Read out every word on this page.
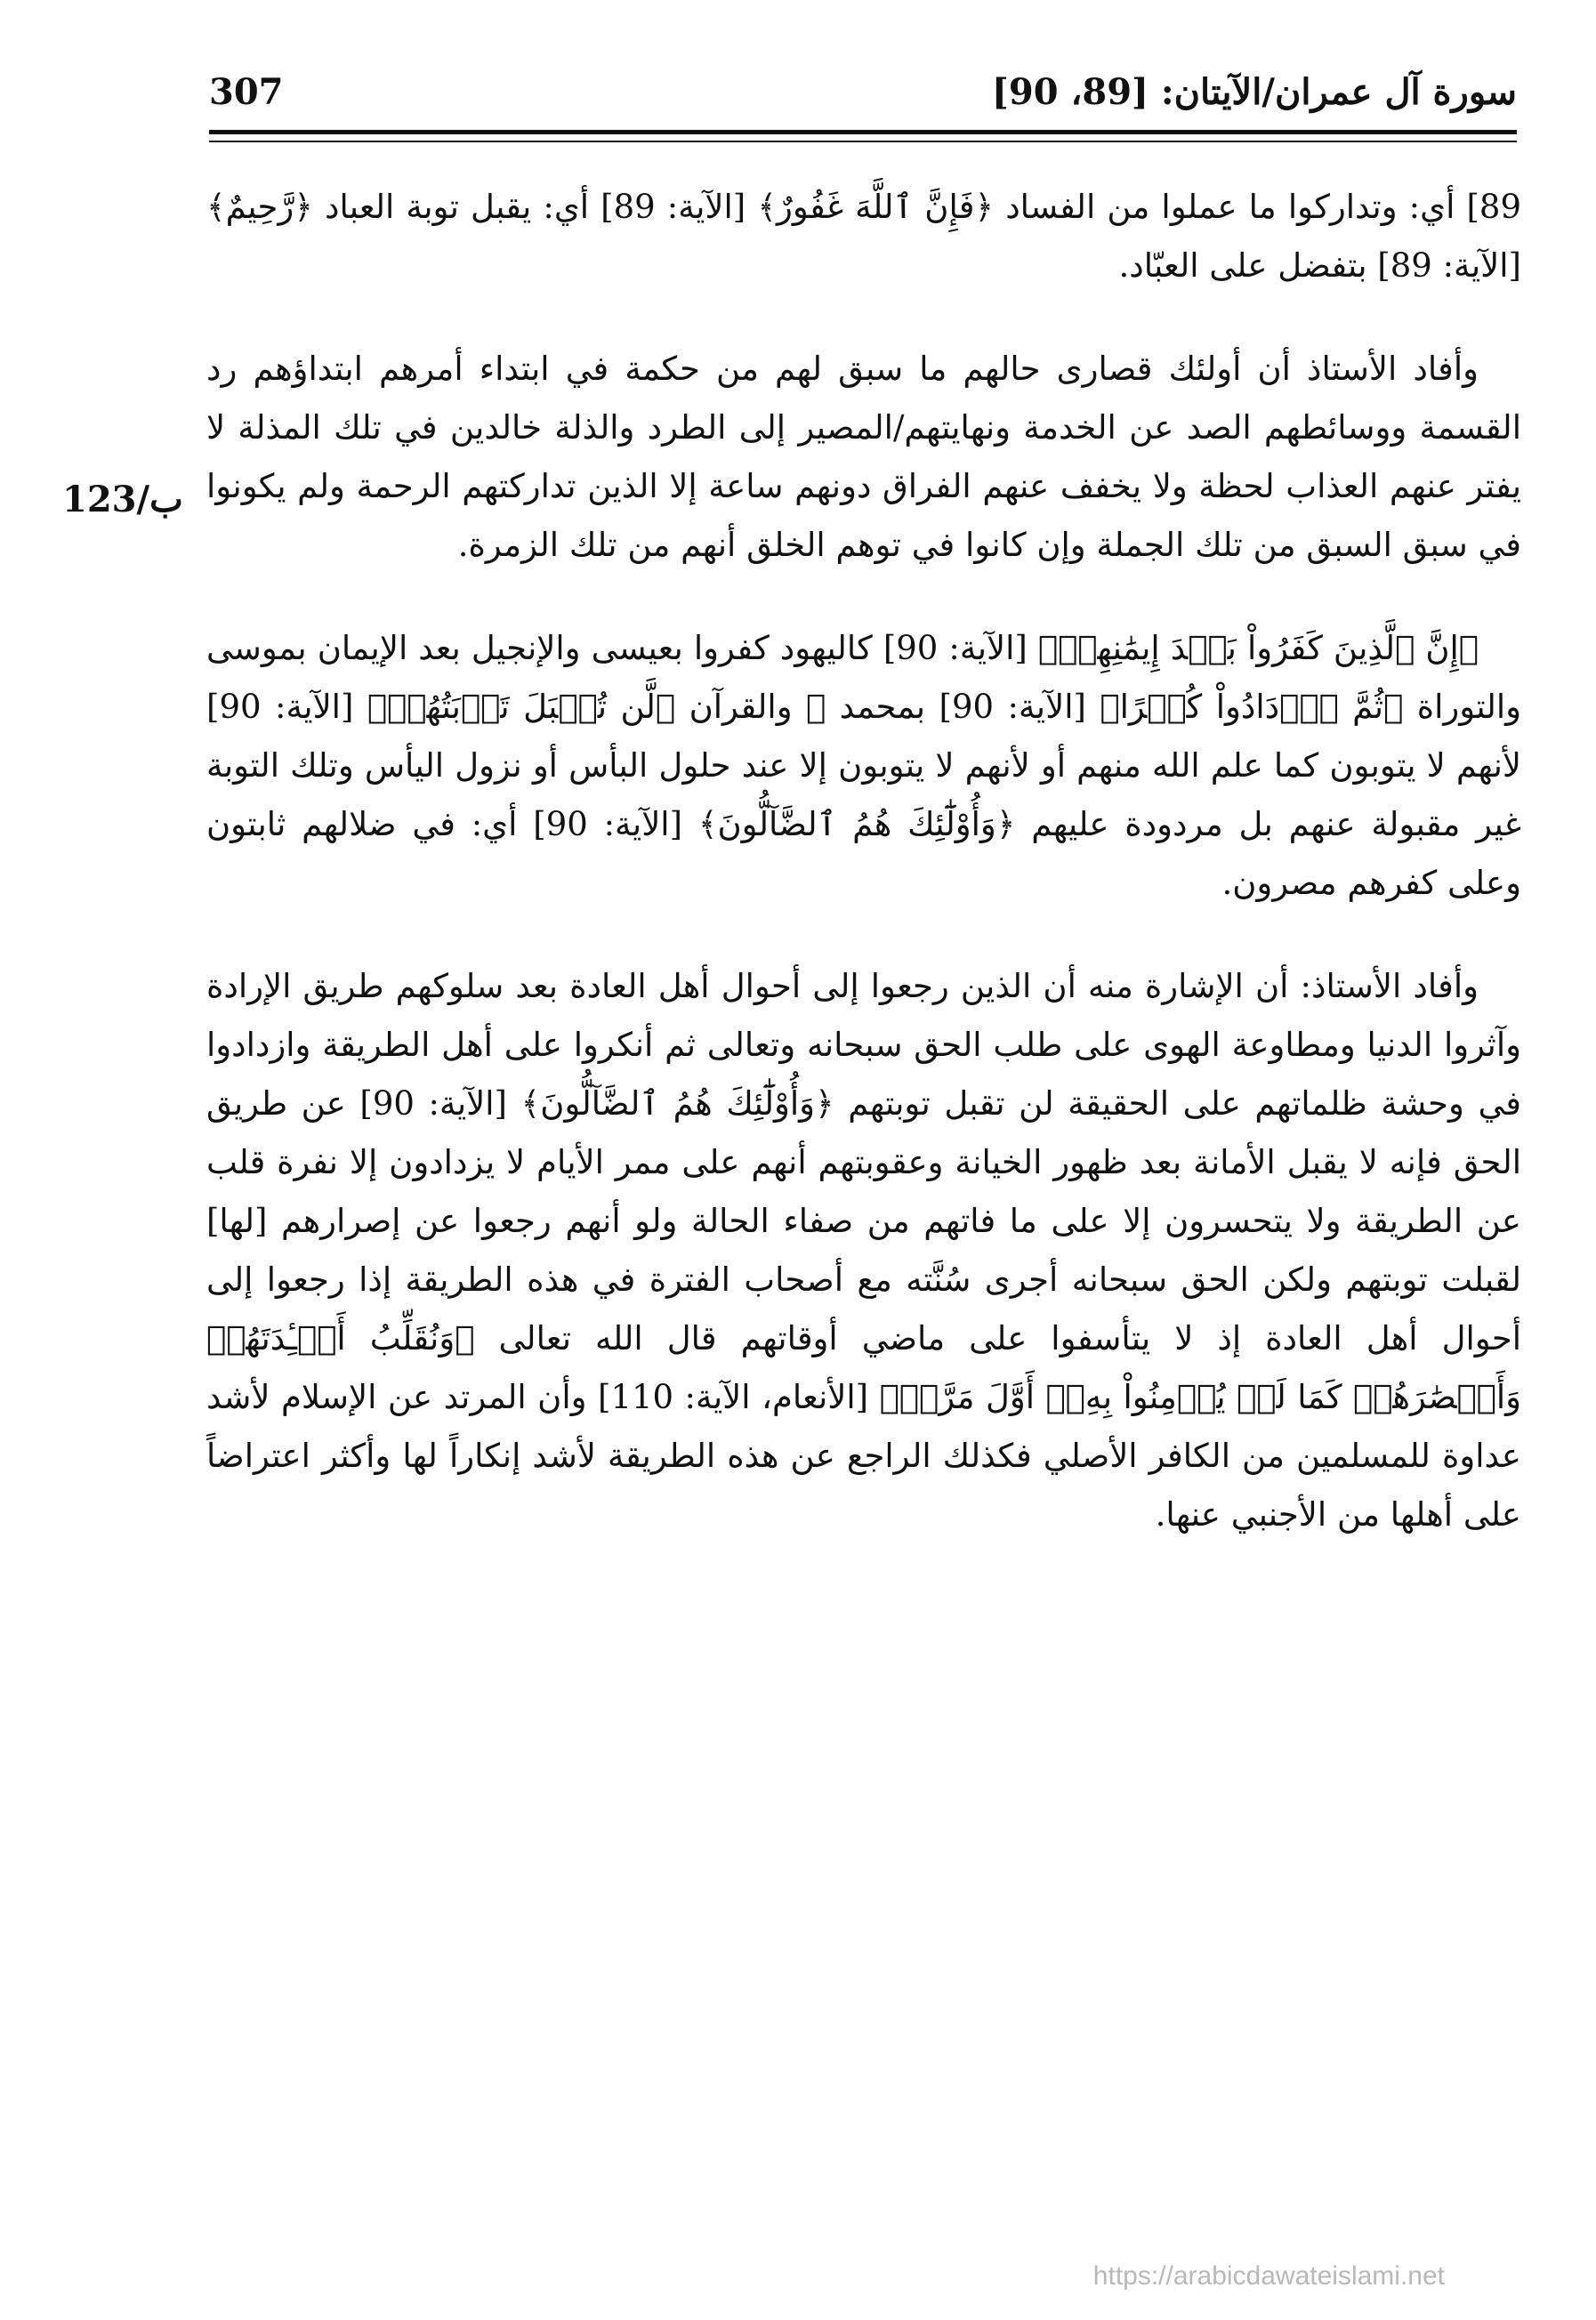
سورة آل عمران/الآيتان: [89، 90]
307
123/ب

89] أي: وتداركوا ما عملوا من الفساد ﴿فَإِنَّ ٱللَّهَ غَفُورٌ﴾ [الآية: 89] أي: يقبل توبة العباد ﴿رَّحِيمٌ﴾ [الآية: 89] بتفضل على العبّاد.

وأفاد الأستاذ أن أولئك قصارى حالهم ما سبق لهم من حكمة في ابتداء أمرهم ابتداؤهم رد القسمة ووسائطهم الصد عن الخدمة ونهايتهم/المصير إلى الطرد والذلة خالدين في تلك المذلة لا يفتر عنهم العذاب لحظة ولا يخفف عنهم الفراق دونهم ساعة إلا الذين تداركتهم الرحمة ولم يكونوا في سبق السبق من تلك الجملة وإن كانوا في توهم الخلق أنهم من تلك الزمرة.

﴿إِنَّ ٱلَّذِينَ كَفَرُواْ بَعۡدَ إِيمَٰنِهِمۡ﴾ [الآية: 90] كاليهود كفروا بعيسى والإنجيل بعد الإيمان بموسى والتوراة ﴿ثُمَّ ٱزۡدَادُواْ كُفۡرًا﴾ [الآية: 90] بمحمد ﷺ والقرآن ﴿لَّن تُقۡبَلَ تَوۡبَتُهُمۡ﴾ [الآية: 90] لأنهم لا يتوبون كما علم الله منهم أو لأنهم لا يتوبون إلا عند حلول البأس أو نزول اليأس وتلك التوبة غير مقبولة عنهم بل مردودة عليهم ﴿وَأُوْلَٰٓئِكَ هُمُ ٱلضَّآلُّونَ﴾ [الآية: 90] أي: في ضلالهم ثابتون وعلى كفرهم مصرون.

وأفاد الأستاذ: أن الإشارة منه أن الذين رجعوا إلى أحوال أهل العادة بعد سلوكهم طريق الإرادة وآثروا الدنيا ومطاوعة الهوى على طلب الحق سبحانه وتعالى ثم أنكروا على أهل الطريقة وازدادوا في وحشة ظلماتهم على الحقيقة لن تقبل توبتهم ﴿وَأُوْلَٰٓئِكَ هُمُ ٱلضَّآلُّونَ﴾ [الآية: 90] عن طريق الحق فإنه لا يقبل الأمانة بعد ظهور الخيانة وعقوبتهم أنهم على ممر الأيام لا يزدادون إلا نفرة قلب عن الطريقة ولا يتحسرون إلا على ما فاتهم من صفاء الحالة ولو أنهم رجعوا عن إصرارهم [لها] لقبلت توبتهم ولكن الحق سبحانه أجرى سُنَّته مع أصحاب الفترة في هذه الطريقة إذا رجعوا إلى أحوال أهل العادة إذ لا يتأسفوا على ماضي أوقاتهم قال الله تعالى ﴿وَنُقَلِّبُ أَفۡـِٔدَتَهُمۡ وَأَبۡصَٰرَهُمۡ كَمَا لَمۡ يُؤۡمِنُواْ بِهِۦٓ أَوَّلَ مَرَّةٖ﴾ [الأنعام، الآية: 110] وأن المرتد عن الإسلام لأشد عداوة للمسلمين من الكافر الأصلي فكذلك الراجع عن هذه الطريقة لأشد إنكاراً لها وأكثر اعتراضاً على أهلها من الأجنبي عنها.

https://arabicdawateislami.net
